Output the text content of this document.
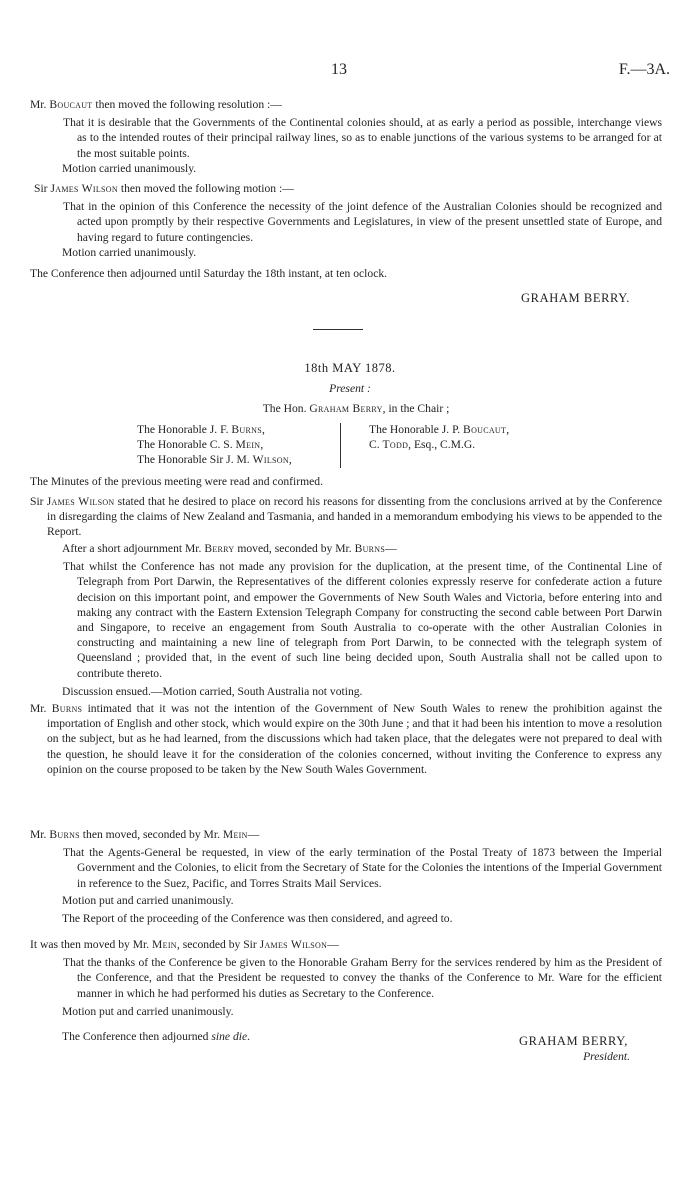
13	F.—3A.

Mr. Boucaut then moved the following resolution :—

That it is desirable that the Governments of the Continental colonies should, at as early a period as possible, interchange views as to the intended routes of their principal railway lines, so as to enable junctions of the various systems to be arranged for at the most suitable points.

Motion carried unanimously.

Sir James Wilson then moved the following motion :—

That in the opinion of this Conference the necessity of the joint defence of the Australian Colonies should be recognized and acted upon promptly by their respective Governments and Legislatures, in view of the present unsettled state of Europe, and having regard to future contingencies.

Motion carried unanimously.

The Conference then adjourned until Saturday the 18th instant, at ten oclock.

GRAHAM BERRY.
18th MAY 1878.
Present :
The Hon. Graham Berry, in the Chair ;
The Honorable J. F. Burns,
The Honorable C. S. Mein,
The Honorable Sir J. M. Wilson,
The Honorable J. P. Boucaut,
C. Todd, Esq., C.M.G.

The Minutes of the previous meeting were read and confirmed.

Sir James Wilson stated that he desired to place on record his reasons for dissenting from the conclusions arrived at by the Conference in disregarding the claims of New Zealand and Tasmania, and handed in a memorandum embodying his views to be appended to the Report.

After a short adjournment Mr. Berry moved, seconded by Mr. Burns—

That whilst the Conference has not made any provision for the duplication, at the present time, of the Continental Line of Telegraph from Port Darwin, the Representatives of the different colonies expressly reserve for confederate action a future decision on this important point, and empower the Governments of New South Wales and Victoria, before entering into and making any contract with the Eastern Extension Telegraph Company for constructing the second cable between Port Darwin and Singapore, to receive an engagement from South Australia to co-operate with the other Australian Colonies in constructing and maintaining a new line of telegraph from Port Darwin, to be connected with the telegraph system of Queensland ; provided that, in the event of such line being decided upon, South Australia shall not be called upon to contribute thereto.

Discussion ensued.—Motion carried, South Australia not voting.

Mr. Burns intimated that it was not the intention of the Government of New South Wales to renew the prohibition against the importation of English and other stock, which would expire on the 30th June ; and that it had been his intention to move a resolution on the subject, but as he had learned, from the discussions which had taken place, that the delegates were not prepared to deal with the question, he should leave it for the consideration of the colonies concerned, without inviting the Conference to express any opinion on the course proposed to be taken by the New South Wales Government.

Mr. Burns then moved, seconded by Mr. Mein—

That the Agents-General be requested, in view of the early termination of the Postal Treaty of 1873 between the Imperial Government and the Colonies, to elicit from the Secretary of State for the Colonies the intentions of the Imperial Government in reference to the Suez, Pacific, and Torres Straits Mail Services.

Motion put and carried unanimously.

The Report of the proceeding of the Conference was then considered, and agreed to.

It was then moved by Mr. Mein, seconded by Sir James Wilson—

That the thanks of the Conference be given to the Honorable Graham Berry for the services rendered by him as the President of the Conference, and that the President be requested to convey the thanks of the Conference to Mr. Ware for the efficient manner in which he had performed his duties as Secretary to the Conference.

Motion put and carried unanimously.

The Conference then adjourned sine die.	GRAHAM BERRY,
President.
